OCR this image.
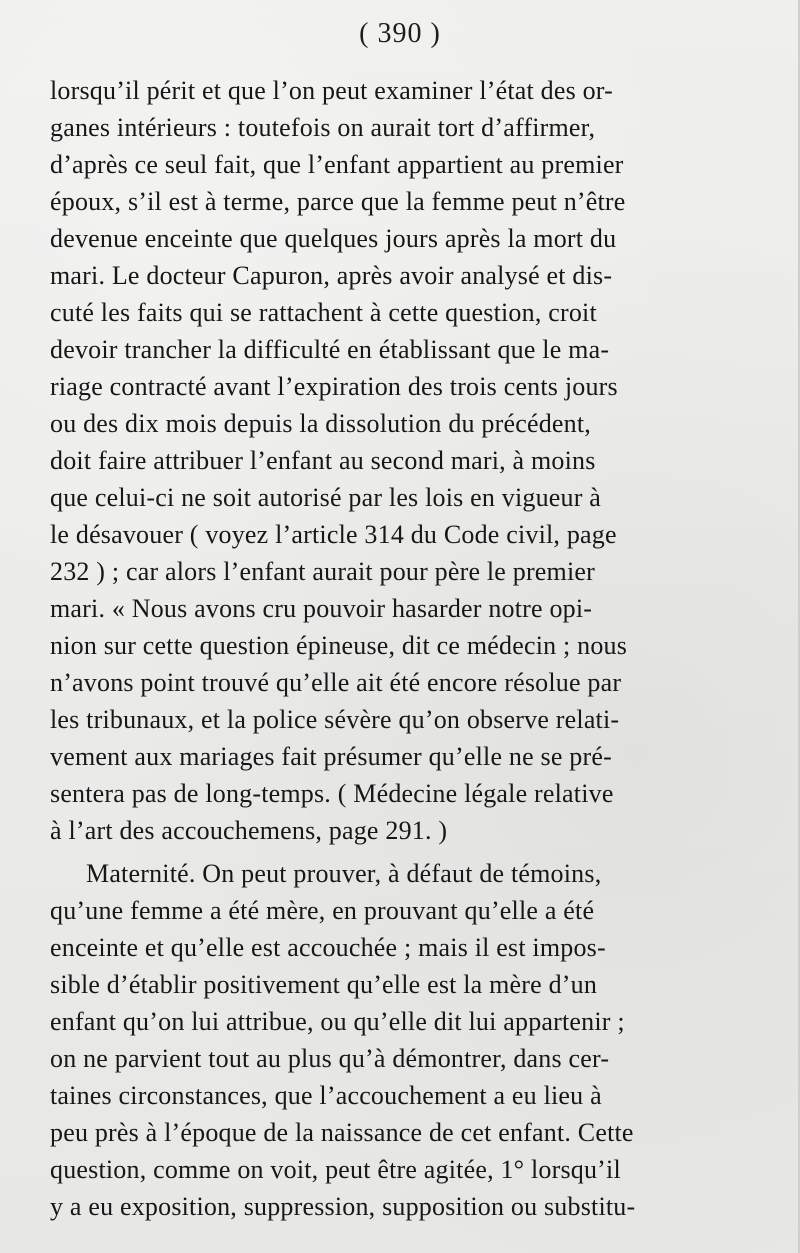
( 390 )
lorsqu’il périt et que l’on peut examiner l’état des or-
ganes intérieurs : toutefois on aurait tort d’affirmer,
d’après ce seul fait, que l’enfant appartient au premier
époux, s’il est à terme, parce que la femme peut n’être
devenue enceinte que quelques jours après la mort du
mari. Le docteur Capuron, après avoir analysé et dis-
cuté les faits qui se rattachent à cette question, croit
devoir trancher la difficulté en établissant que le ma-
riage contracté avant l’expiration des trois cents jours
ou des dix mois depuis la dissolution du précédent,
doit faire attribuer l’enfant au second mari, à moins
que celui-ci ne soit autorisé par les lois en vigueur à
le désavouer ( voyez l’article 314 du Code civil, page
232 ) ; car alors l’enfant aurait pour père le premier
mari. « Nous avons cru pouvoir hasarder notre opi-
nion sur cette question épineuse, dit ce médecin ; nous
n’avons point trouvé qu’elle ait été encore résolue par
les tribunaux, et la police sévère qu’on observe relati-
vement aux mariages fait présumer qu’elle ne se pré-
sentera pas de long-temps. ( Médecine légale relative
à l’art des accouchemens, page 291. )
Maternité. On peut prouver, à défaut de témoins,
qu’une femme a été mère, en prouvant qu’elle a été
enceinte et qu’elle est accouchée ; mais il est impos-
sible d’établir positivement qu’elle est la mère d’un
enfant qu’on lui attribue, ou qu’elle dit lui appartenir ;
on ne parvient tout au plus qu’à démontrer, dans cer-
taines circonstances, que l’accouchement a eu lieu à
peu près à l’époque de la naissance de cet enfant. Cette
question, comme on voit, peut être agitée, 1° lorsqu’il
y a eu exposition, suppression, supposition ou substitu-
